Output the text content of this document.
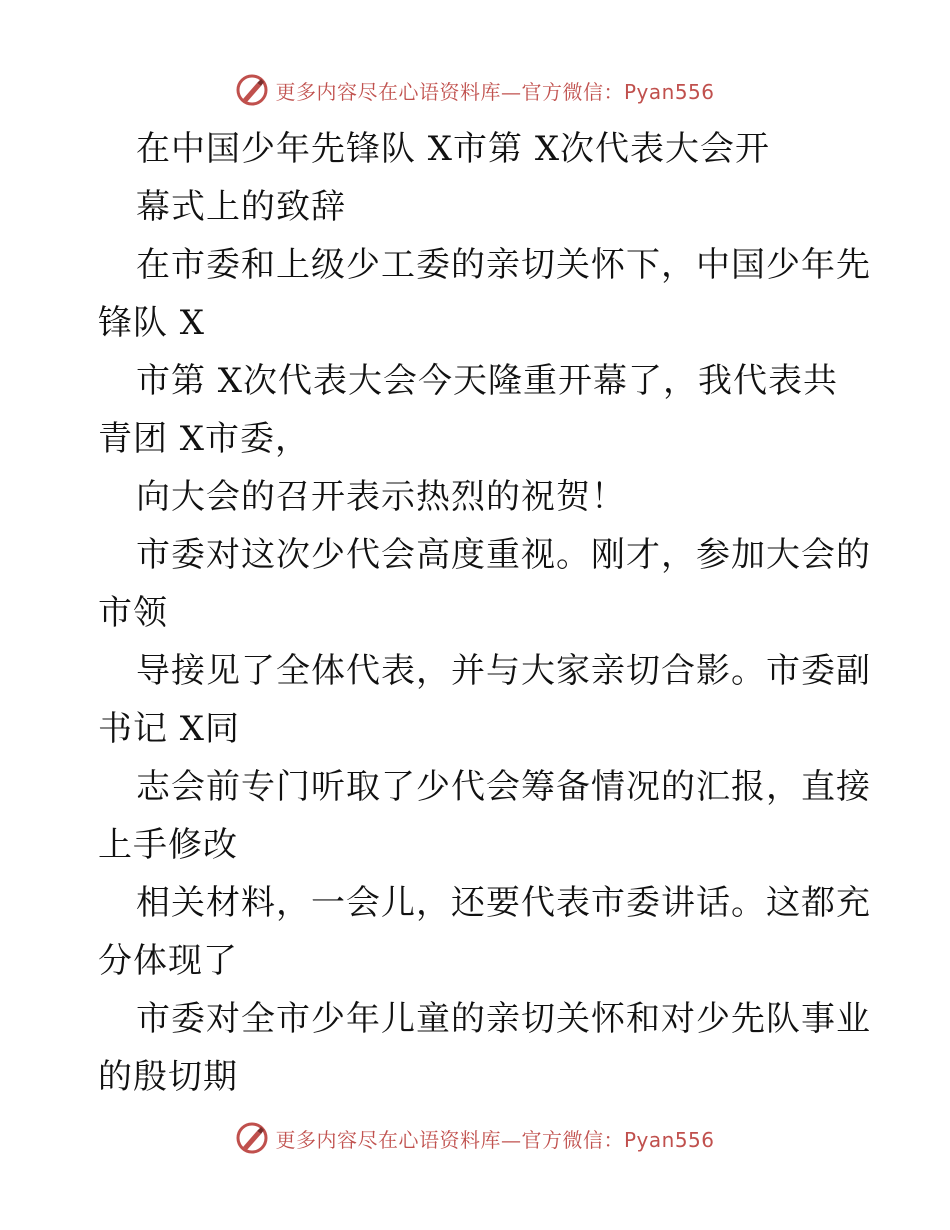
更多内容尽在心语资料库—官方微信：Pyan556
在中国少年先锋队 X市第 X次代表大会开
幕式上的致辞
在市委和上级少工委的亲切关怀下，中国少年先
锋队 X
市第 X次代表大会今天隆重开幕了，我代表共
青团 X市委，
向大会的召开表示热烈的祝贺！
市委对这次少代会高度重视。刚才，参加大会的
市领
导接见了全体代表，并与大家亲切合影。市委副
书记 X同
志会前专门听取了少代会筹备情况的汇报，直接
上手修改
相关材料，一会儿，还要代表市委讲话。这都充
分体现了
市委对全市少年儿童的亲切关怀和对少先队事业
的殷切期
更多内容尽在心语资料库—官方微信：Pyan556
